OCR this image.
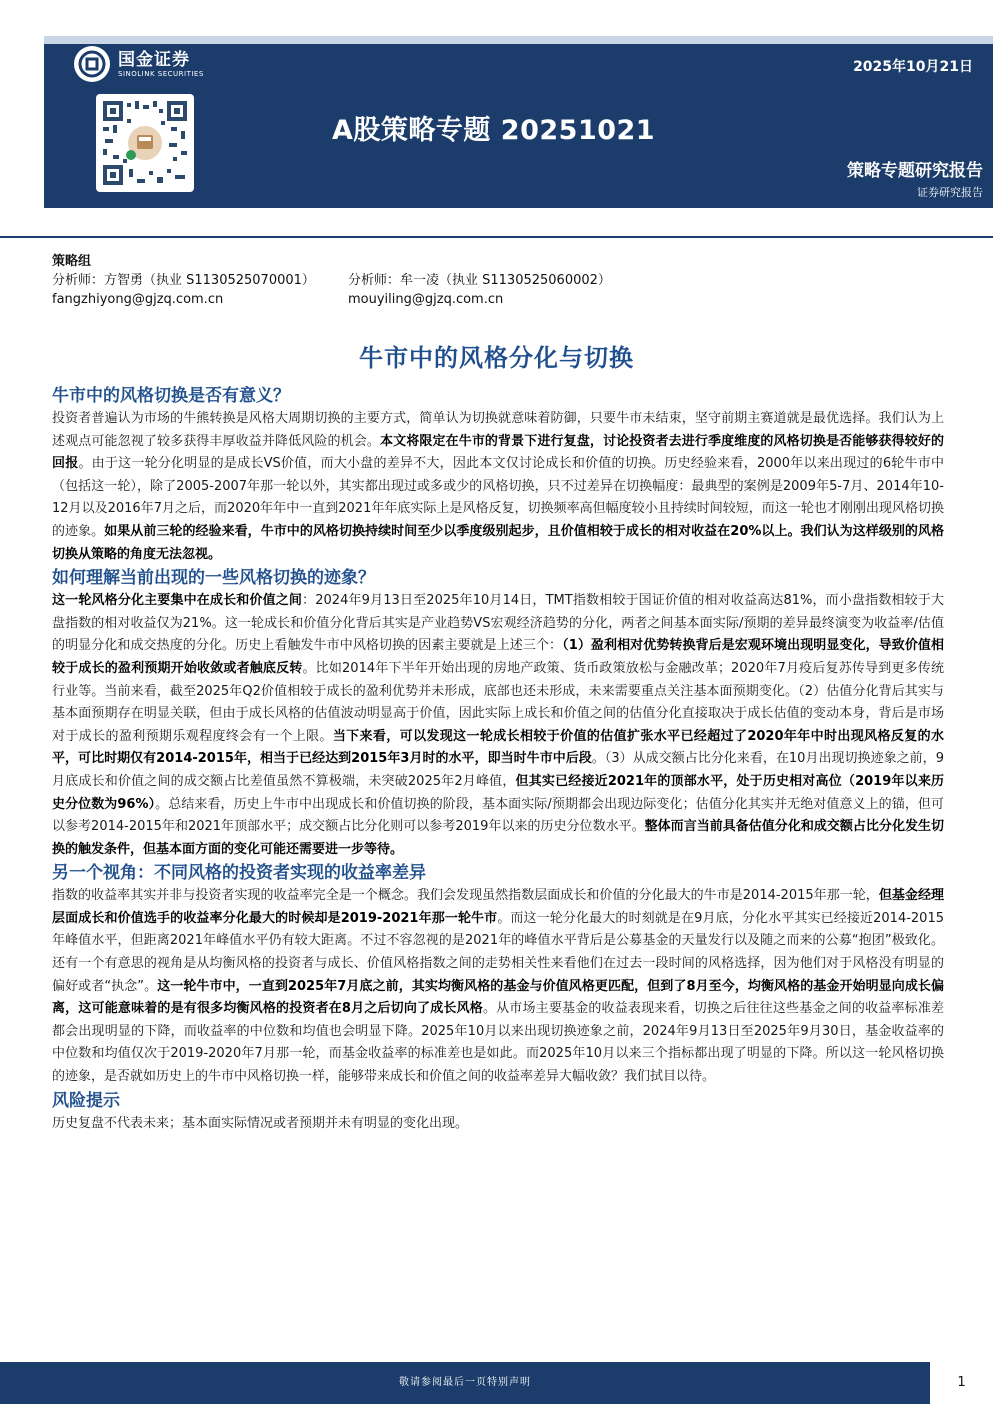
国金证券
SINOLINK SECURITIES	2025年10月21日
A股策略专题 20251021
策略专题研究报告
证券研究报告
策略组
分析师：方智勇（执业 S1130525070001）	分析师：牟一凌（执业 S1130525060002）
fangzhiyong@gjzq.com.cn	mouyiling@gjzq.com.cn
牛市中的风格分化与切换
牛市中的风格切换是否有意义？

投资者普遍认为市场的牛熊转换是风格大周期切换的主要方式，简单认为切换就意味着防御，只要牛市未结束，坚守前期主赛道就是最优选择。我们认为上述观点可能忽视了较多获得丰厚收益并降低风险的机会。本文将限定在牛市的背景下进行复盘，讨论投资者去进行季度维度的风格切换是否能够获得较好的回报。由于这一轮分化明显的是成长VS价值，而大小盘的差异不大，因此本文仅讨论成长和价值的切换。历史经验来看，2000年以来出现过的6轮牛市中（包括这一轮），除了2005-2007年那一轮以外，其实都出现过或多或少的风格切换，只不过差异在切换幅度：最典型的案例是2009年5-7月、2014年10-12月以及2016年7月之后，而2020年年中一直到2021年年底实际上是风格反复，切换频率高但幅度较小且持续时间较短，而这一轮也才刚刚出现风格切换的迹象。如果从前三轮的经验来看，牛市中的风格切换持续时间至少以季度级别起步，且价值相较于成长的相对收益在20%以上。我们认为这样级别的风格切换从策略的角度无法忽视。

如何理解当前出现的一些风格切换的迹象？

这一轮风格分化主要集中在成长和价值之间：2024年9月13日至2025年10月14日，TMT指数相较于国证价值的相对收益高达81%，而小盘指数相较于大盘指数的相对收益仅为21%。这一轮成长和价值分化背后其实是产业趋势VS宏观经济趋势的分化，两者之间基本面实际/预期的差异最终演变为收益率/估值的明显分化和成交热度的分化。历史上看触发牛市中风格切换的因素主要就是上述三个：（1）盈利相对优势转换背后是宏观环境出现明显变化，导致价值相较于成长的盈利预期开始收敛或者触底反转。比如2014年下半年开始出现的房地产政策、货币政策放松与金融改革；2020年7月疫后复苏传导到更多传统行业等。当前来看，截至2025年Q2价值相较于成长的盈利优势并未形成，底部也还未形成，未来需要重点关注基本面预期变化。（2）估值分化背后其实与基本面预期存在明显关联，但由于成长风格的估值波动明显高于价值，因此实际上成长和价值之间的估值分化直接取决于成长估值的变动本身，背后是市场对于成长的盈利预期乐观程度终会有一个上限。当下来看，可以发现这一轮成长相较于价值的估值扩张水平已经超过了2020年年中时出现风格反复的水平，可比时期仅有2014-2015年，相当于已经达到2015年3月时的水平，即当时牛市中后段。（3）从成交额占比分化来看，在10月出现切换迹象之前，9月底成长和价值之间的成交额占比差值虽然不算极端，未突破2025年2月峰值，但其实已经接近2021年的顶部水平，处于历史相对高位（2019年以来历史分位数为96%）。总结来看，历史上牛市中出现成长和价值切换的阶段，基本面实际/预期都会出现边际变化；估值分化其实并无绝对值意义上的锚，但可以参考2014-2015年和2021年顶部水平；成交额占比分化则可以参考2019年以来的历史分位数水平。整体而言当前具备估值分化和成交额占比分化发生切换的触发条件，但基本面方面的变化可能还需要进一步等待。

另一个视角：不同风格的投资者实现的收益率差异

指数的收益率其实并非与投资者实现的收益率完全是一个概念。我们会发现虽然指数层面成长和价值的分化最大的牛市是2014-2015年那一轮，但基金经理层面成长和价值选手的收益率分化最大的时候却是2019-2021年那一轮牛市。而这一轮分化最大的时刻就是在9月底，分化水平其实已经接近2014-2015年峰值水平，但距离2021年峰值水平仍有较大距离。不过不容忽视的是2021年的峰值水平背后是公募基金的天量发行以及随之而来的公募“抱团”极致化。还有一个有意思的视角是从均衡风格的投资者与成长、价值风格指数之间的走势相关性来看他们在过去一段时间的风格选择，因为他们对于风格没有明显的偏好或者“执念”。这一轮牛市中，一直到2025年7月底之前，其实均衡风格的基金与价值风格更匹配，但到了8月至今，均衡风格的基金开始明显向成长偏离，这可能意味着的是有很多均衡风格的投资者在8月之后切向了成长风格。从市场主要基金的收益表现来看，切换之后往往这些基金之间的收益率标准差都会出现明显的下降，而收益率的中位数和均值也会明显下降。2025年10月以来出现切换迹象之前，2024年9月13日至2025年9月30日，基金收益率的中位数和均值仅次于2019-2020年7月那一轮，而基金收益率的标准差也是如此。而2025年10月以来三个指标都出现了明显的下降。所以这一轮风格切换的迹象，是否就如历史上的牛市中风格切换一样，能够带来成长和价值之间的收益率差异大幅收敛？我们拭目以待。

风险提示

历史复盘不代表未来；基本面实际情况或者预期并未有明显的变化出现。

敬请参阅最后一页特别声明	1
